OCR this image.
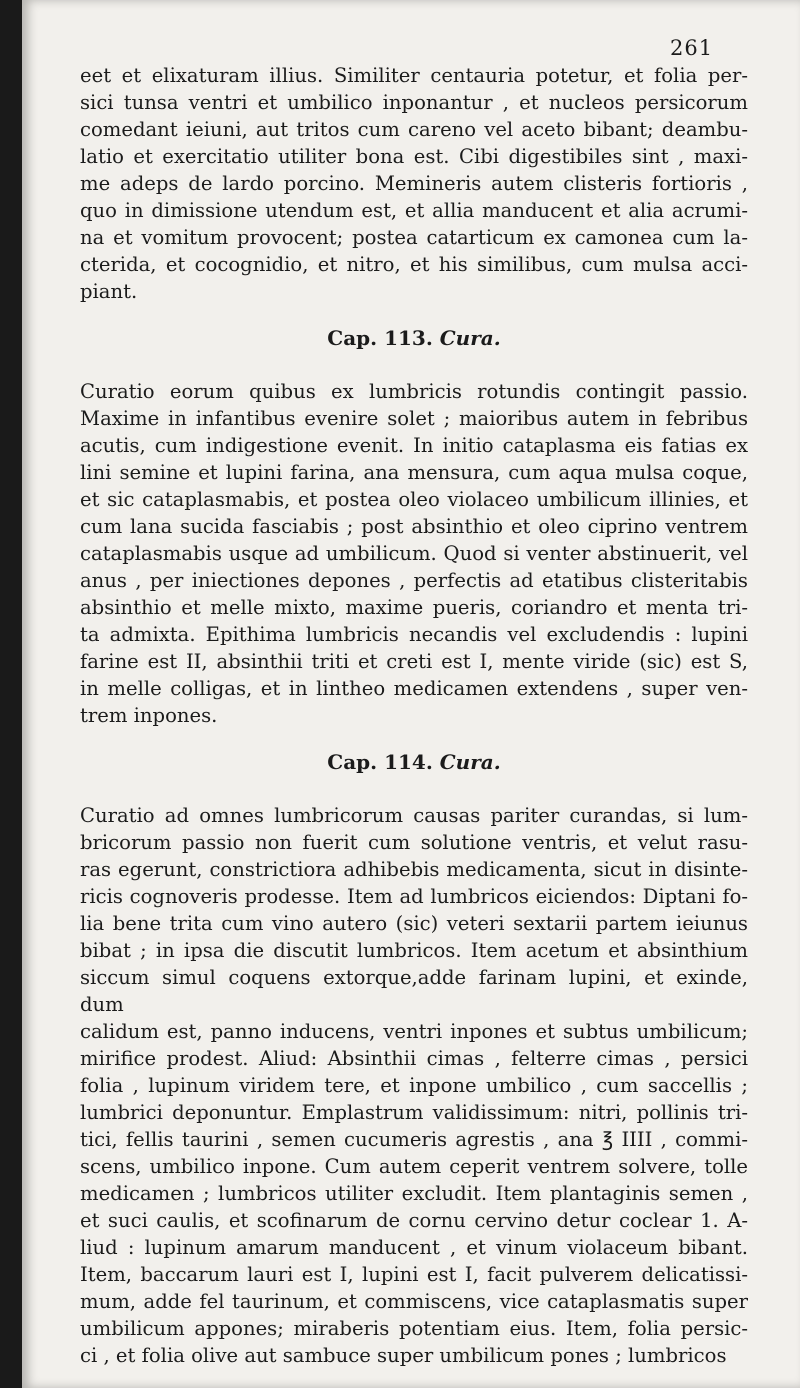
261

eet et elixaturam illius. Similiter centauria potetur, et folia per-
sici tunsa ventri et umbilico inponantur , et nucleos persicorum
comedant ieiuni, aut tritos cum careno vel aceto bibant; deambu-
latio et exercitatio utiliter bona est. Cibi digestibiles sint , maxi-
me adeps de lardo porcino. Memineris autem clisteris fortioris ,
quo in dimissione utendum est, et allia manducent et alia acrumi-
na et vomitum provocent; postea catarticum ex camonea cum la-
cterida, et cocognidio, et nitro, et his similibus, cum mulsa acci-
piant.

Cap. 113. Cura.

Curatio eorum quibus ex lumbricis rotundis contingit passio.
Maxime in infantibus evenire solet ; maioribus autem in febribus
acutis, cum indigestione evenit. In initio cataplasma eis fatias ex
lini semine et lupini farina, ana mensura, cum aqua mulsa coque,
et sic cataplasmabis, et postea oleo violaceo umbilicum illinies, et
cum lana sucida fasciabis ; post absinthio et oleo ciprino ventrem
cataplasmabis usque ad umbilicum. Quod si venter abstinuerit, vel
anus , per iniectiones depones , perfectis ad etatibus clisteritabis
absinthio et melle mixto, maxime pueris, coriandro et menta tri-
ta admixta. Epithima lumbricis necandis vel excludendis : lupini
farine est II, absinthii triti et creti est I, mente viride (sic) est S,
in melle colligas, et in lintheo medicamen extendens , super ven-
trem inpones.

Cap. 114. Cura.

Curatio ad omnes lumbricorum causas pariter curandas, si lum-
bricorum passio non fuerit cum solutione ventris, et velut rasu-
ras egerunt, constrictiora adhibebis medicamenta, sicut in disinte-
ricis cognoveris prodesse. Item ad lumbricos eiciendos: Diptani fo-
lia bene trita cum vino autero (sic) veteri sextarii partem ieiunus
bibat ; in ipsa die discutit lumbricos. Item acetum et absinthium
siccum simul coquens extorque,adde farinam lupini, et exinde, dum
calidum est, panno inducens, ventri inpones et subtus umbilicum;
mirifice prodest. Aliud: Absinthii cimas , felterre cimas , persici
folia , lupinum viridem tere, et inpone umbilico , cum saccellis ;
lumbrici deponuntur. Emplastrum validissimum: nitri, pollinis tri-
tici, fellis taurini , semen cucumeris agrestis , ana ℥ IIII , commi-
scens, umbilico inpone. Cum autem ceperit ventrem solvere, tolle
medicamen ; lumbricos utiliter excludit. Item plantaginis semen ,
et suci caulis, et scofinarum de cornu cervino detur coclear 1. A-
liud : lupinum amarum manducent , et vinum violaceum bibant.
Item, baccarum lauri est I, lupini est I, facit pulverem delicatissi-
mum, adde fel taurinum, et commiscens, vice cataplasmatis super
umbilicum appones; miraberis potentiam eius. Item, folia persic-
ci , et folia olive aut sambuce super umbilicum pones ; lumbricos
